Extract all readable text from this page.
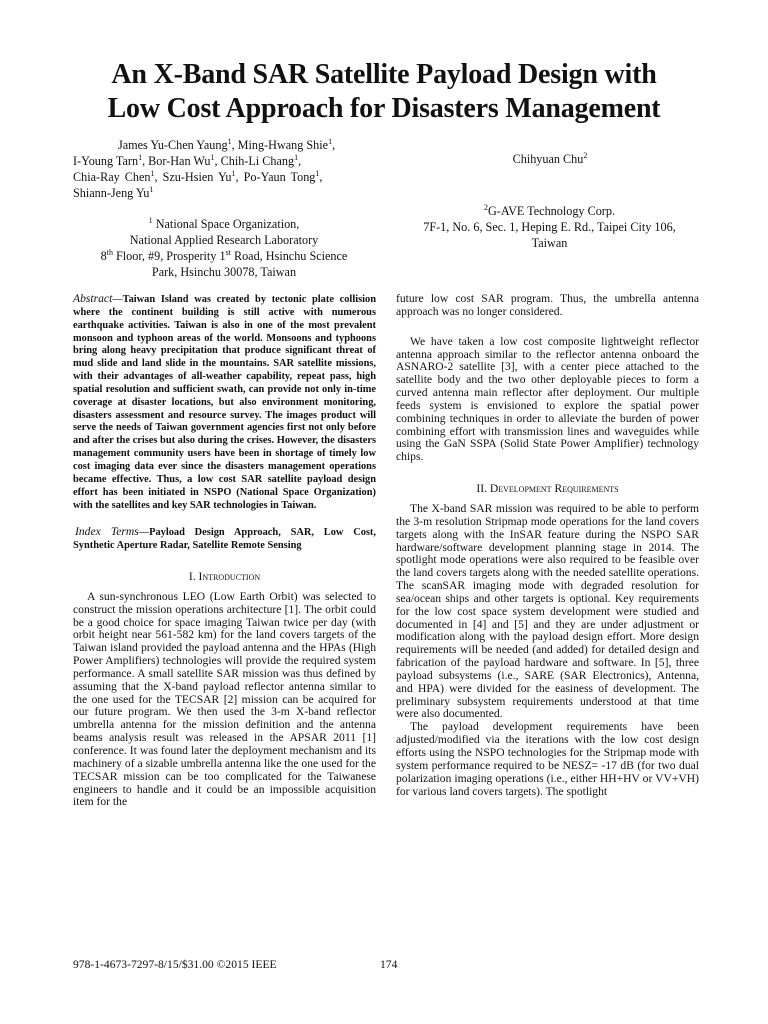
An X-Band SAR Satellite Payload Design with
Low Cost Approach for Disasters Management
James Yu-Chen Yaung$^1$, Ming-Hwang Shie$^1$,
I-Young Tarn$^1$, Bor-Han Wu$^1$, Chih-Li Chang$^1$,
Chia-Ray Chen$^1$, Szu-Hsien Yu$^1$, Po-Yaun Tong$^1$,
Shiann-Jeng Yu$^1$
Chihyuan Chu$^2$
$^1$ National Space Organization,
National Applied Research Laboratory
8th Floor, #9, Prosperity 1st Road, Hsinchu Science
Park, Hsinchu 30078, Taiwan
$^2$G-AVE Technology Corp.
7F-1, No. 6, Sec. 1, Heping E. Rd., Taipei City 106,
Taiwan
Abstract—Taiwan Island was created by tectonic plate collision where the continent building is still active with numerous earthquake activities. Taiwan is also in one of the most prevalent monsoon and typhoon areas of the world. Monsoons and typhoons bring along heavy precipitation that produce significant threat of mud slide and land slide in the mountains. SAR satellite missions, with their advantages of all-weather capability, repeat pass, high spatial resolution and sufficient swath, can provide not only in-time coverage at disaster locations, but also environment monitoring, disasters assessment and resource survey. The images product will serve the needs of Taiwan government agencies first not only before and after the crises but also during the crises. However, the disasters management community users have been in shortage of timely low cost imaging data ever since the disasters management operations became effective. Thus, a low cost SAR satellite payload design effort has been initiated in NSPO (National Space Organization) with the satellites and key SAR technologies in Taiwan.
Index Terms—Payload Design Approach, SAR, Low Cost, Synthetic Aperture Radar, Satellite Remote Sensing
I. Introduction

A sun-synchronous LEO (Low Earth Orbit) was selected to construct the mission operations architecture [1]. The orbit could be a good choice for space imaging Taiwan twice per day (with orbit height near 561-582 km) for the land covers targets of the Taiwan island provided the payload antenna and the HPAs (High Power Amplifiers) technologies will provide the required system performance. A small satellite SAR mission was thus defined by assuming that the X-band payload reflector antenna similar to the one used for the TECSAR [2] mission can be acquired for our future program. We then used the 3-m X-band reflector umbrella antenna for the mission definition and the antenna beams analysis result was released in the APSAR 2011 [1] conference. It was found later the deployment mechanism and its machinery of a sizable umbrella antenna like the one used for the TECSAR mission can be too complicated for the Taiwanese engineers to handle and it could be an impossible acquisition item for the

future low cost SAR program. Thus, the umbrella antenna approach was no longer considered.

We have taken a low cost composite lightweight reflector antenna approach similar to the reflector antenna onboard the ASNARO-2 satellite [3], with a center piece attached to the satellite body and the two other deployable pieces to form a curved antenna main reflector after deployment. Our multiple feeds system is envisioned to explore the spatial power combining techniques in order to alleviate the burden of power combining effort with transmission lines and waveguides while using the GaN SSPA (Solid State Power Amplifier) technology chips.

II. Development Requirements

The X-band SAR mission was required to be able to perform the 3-m resolution Stripmap mode operations for the land covers targets along with the InSAR feature during the NSPO SAR hardware/software development planning stage in 2014. The spotlight mode operations were also required to be feasible over the land covers targets along with the needed satellite operations. The scanSAR imaging mode with degraded resolution for sea/ocean ships and other targets is optional. Key requirements for the low cost space system development were studied and documented in [4] and [5] and they are under adjustment or modification along with the payload design effort. More design requirements will be needed (and added) for detailed design and fabrication of the payload hardware and software. In [5], three payload subsystems (i.e., SARE (SAR Electronics), Antenna, and HPA) were divided for the easiness of development. The preliminary subsystem requirements understood at that time were also documented.

The payload development requirements have been adjusted/modified via the iterations with the low cost design efforts using the NSPO technologies for the Stripmap mode with system performance required to be NESZ= -17 dB (for two dual polarization imaging operations (i.e., either HH+HV or VV+VH) for various land covers targets). The spotlight

978-1-4673-7297-8/15/$31.00 ©2015 IEEE	174
